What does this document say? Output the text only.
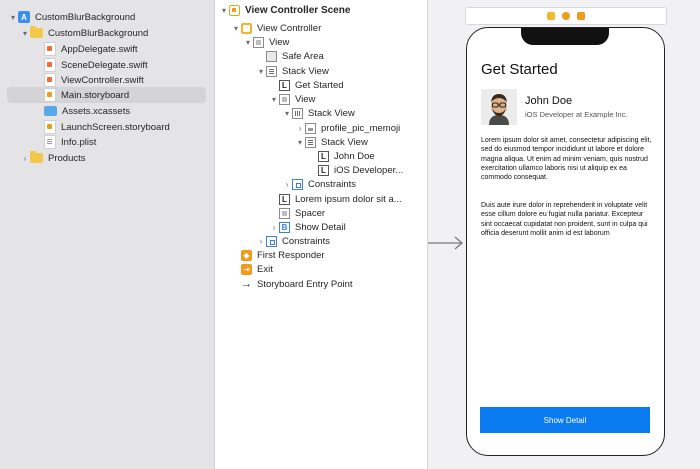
▾ A CustomBlurBackground
▾	CustomBlurBackground
AppDelegate.swift
SceneDelegate.swift
ViewController.swift
Main.storyboard
Assets.xcassets
LaunchScreen.storyboard
Info.plist
›	Products
▾	View Controller Scene
▾	View Controller
▾	View
Safe Area
▾	Stack View
L Get Started
▾	View
▾	Stack View
›	profile_pic_memoji
▾	Stack View
L John Doe
L iOS Developer...
›	Constraints
L Lorem ipsum dolor sit a...
Spacer
› B Show Detail
›	Constraints
◆ First Responder
⇥ Exit
→ Storyboard Entry Point
Get Started
John Doe
iOS Developer at Example Inc.
Lorem ipsum dolor sit amet, consectetur adipiscing elit, sed do eiusmod tempor incididunt ut labore et dolore magna aliqua. Ut enim ad minim veniam, quis nostrud exercitation ullamco laboris nisi ut aliquip ex ea commodo consequat.
Duis aute irure dolor in reprehenderit in voluptate velit esse cillum dolore eu fugiat nulla pariatur. Excepteur sint occaecat cupidatat non proident, sunt in culpa qui officia deserunt mollit anim id est laborum
Show Detail
